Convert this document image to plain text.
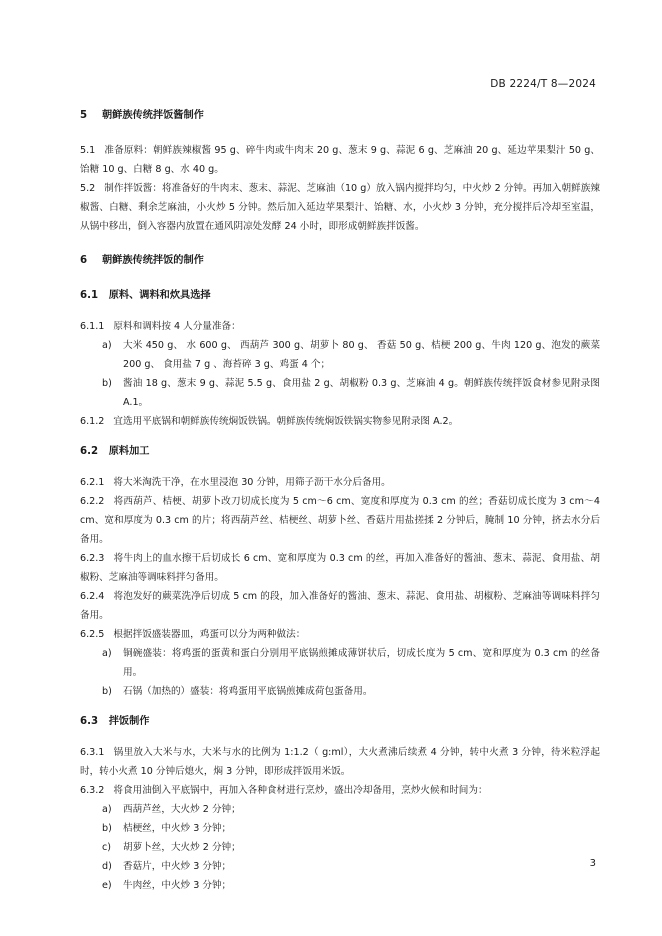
DB 2224/T 8—2024
5 朝鲜族传统拌饭酱制作

5.1 准备原料：朝鲜族辣椒酱 95 g、碎牛肉或牛肉末 20 g、葱末 9 g、蒜泥 6 g、芝麻油 20 g、延边苹果梨汁 50 g、饴糖 10 g、白糖 8 g、水 40 g。

5.2 制作拌饭酱：将准备好的牛肉末、葱末、蒜泥、芝麻油（10 g）放入锅内搅拌均匀，中火炒 2 分钟。再加入朝鲜族辣椒酱、白糖、剩余芝麻油，小火炒 5 分钟。然后加入延边苹果梨汁、饴糖、水，小火炒 3 分钟，充分搅拌后冷却至室温，从锅中移出，倒入容器内放置在通风阴凉处发酵 24 小时，即形成朝鲜族拌饭酱。

6 朝鲜族传统拌饭的制作
6.1 原料、调料和炊具选择

6.1.1 原料和调料按 4 人分量准备：

a) 大米 450 g、 水 600 g、 西葫芦 300 g、胡萝卜 80 g、 香菇 50 g、桔梗 200 g、牛肉 120 g、泡发的蕨菜 200 g、 食用盐 7 g 、海苔碎 3 g、鸡蛋 4 个；

b) 酱油 18 g、葱末 9 g、蒜泥 5.5 g、食用盐 2 g、胡椒粉 0.3 g、芝麻油 4 g。朝鲜族传统拌饭食材参见附录图 A.1。

6.1.2 宜选用平底锅和朝鲜族传统焖饭铁锅。朝鲜族传统焖饭铁锅实物参见附录图 A.2。

6.2 原料加工

6.2.1 将大米淘洗干净，在水里浸泡 30 分钟，用筛子沥干水分后备用。

6.2.2 将西葫芦、桔梗、胡萝卜改刀切成长度为 5 cm～6 cm、宽度和厚度为 0.3 cm 的丝；香菇切成长度为 3 cm～4 cm、宽和厚度为 0.3 cm 的片；将西葫芦丝、桔梗丝、胡萝卜丝、香菇片用盐搓揉 2 分钟后，腌制 10 分钟，挤去水分后备用。

6.2.3 将牛肉上的血水擦干后切成长 6 cm、宽和厚度为 0.3 cm 的丝，再加入准备好的酱油、葱末、蒜泥、食用盐、胡椒粉、芝麻油等调味料拌匀备用。

6.2.4 将泡发好的蕨菜洗净后切成 5 cm 的段，加入准备好的酱油、葱末、蒜泥、食用盐、胡椒粉、芝麻油等调味料拌匀备用。

6.2.5 根据拌饭盛装器皿，鸡蛋可以分为两种做法：

a) 铜碗盛装：将鸡蛋的蛋黄和蛋白分别用平底锅煎摊成薄饼状后，切成长度为 5 cm、宽和厚度为 0.3 cm 的丝备用。

b) 石锅（加热的）盛装：将鸡蛋用平底锅煎摊成荷包蛋备用。

6.3 拌饭制作

6.3.1 锅里放入大米与水，大米与水的比例为 1:1.2（ g:ml），大火煮沸后续煮 4 分钟，转中火煮 3 分钟，待米粒浮起时，转小火煮 10 分钟后熄火，焖 3 分钟，即形成拌饭用米饭。

6.3.2 将食用油倒入平底锅中，再加入各种食材进行烹炒，盛出冷却备用，烹炒火候和时间为：

a) 西葫芦丝，大火炒 2 分钟；

b) 桔梗丝，中火炒 3 分钟；

c) 胡萝卜丝，大火炒 2 分钟；

d) 香菇片，中火炒 3 分钟；

e) 牛肉丝，中火炒 3 分钟；

3
